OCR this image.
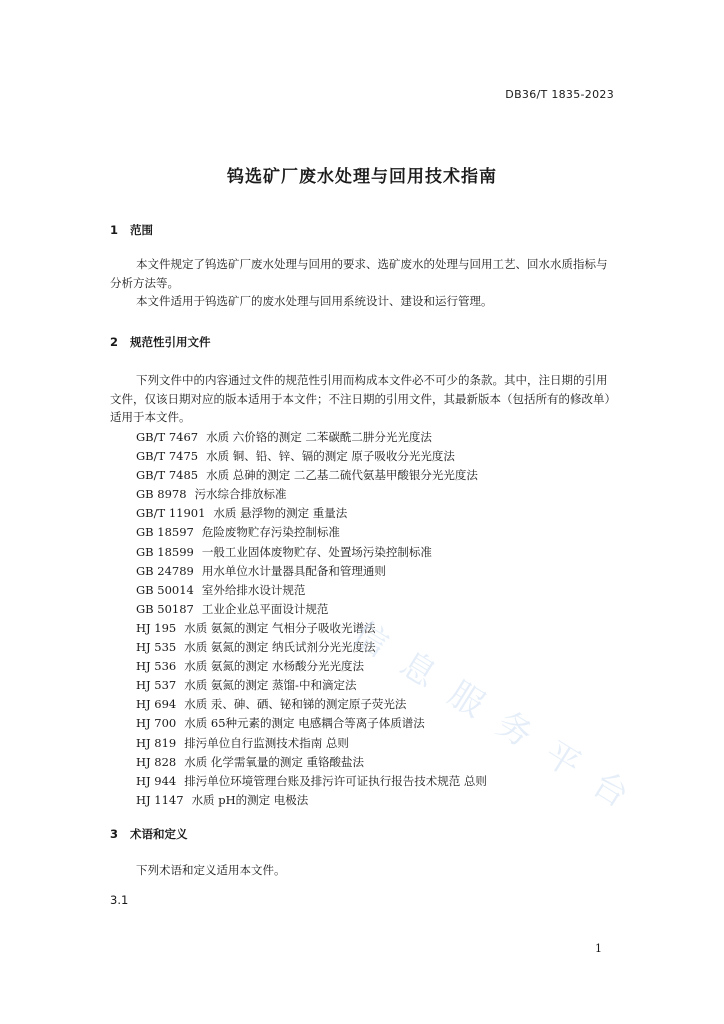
DB36/T 1835-2023
钨选矿厂废水处理与回用技术指南
1 范围

本文件规定了钨选矿厂废水处理与回用的要求、选矿废水的处理与回用工艺、回水水质指标与分析方法等。

本文件适用于钨选矿厂的废水处理与回用系统设计、建设和运行管理。

2 规范性引用文件

下列文件中的内容通过文件的规范性引用而构成本文件必不可少的条款。其中，注日期的引用文件，仅该日期对应的版本适用于本文件；不注日期的引用文件，其最新版本（包括所有的修改单）适用于本文件。

GB/T 7467 水质 六价铬的测定 二苯碳酰二肼分光光度法
GB/T 7475 水质 铜、铅、锌、镉的测定 原子吸收分光光度法
GB/T 7485 水质 总砷的测定 二乙基二硫代氨基甲酸银分光光度法
GB 8978 污水综合排放标准
GB/T 11901 水质 悬浮物的测定 重量法
GB 18597 危险废物贮存污染控制标准
GB 18599 一般工业固体废物贮存、处置场污染控制标准
GB 24789 用水单位水计量器具配备和管理通则
GB 50014 室外给排水设计规范
GB 50187 工业企业总平面设计规范
HJ 195 水质 氨氮的测定 气相分子吸收光谱法
HJ 535 水质 氨氮的测定 纳氏试剂分光光度法
HJ 536 水质 氨氮的测定 水杨酸分光光度法
HJ 537 水质 氨氮的测定 蒸馏-中和滴定法
HJ 694 水质 汞、砷、硒、铋和锑的测定原子荧光法
HJ 700 水质 65种元素的测定 电感耦合等离子体质谱法
HJ 819 排污单位自行监测技术指南 总则
HJ 828 水质 化学需氧量的测定 重铬酸盐法
HJ 944 排污单位环境管理台账及排污许可证执行报告技术规范 总则
HJ 1147 水质 pH的测定 电极法
3 术语和定义

下列术语和定义适用本文件。

3.1
1
信
息
服
务
平
台
